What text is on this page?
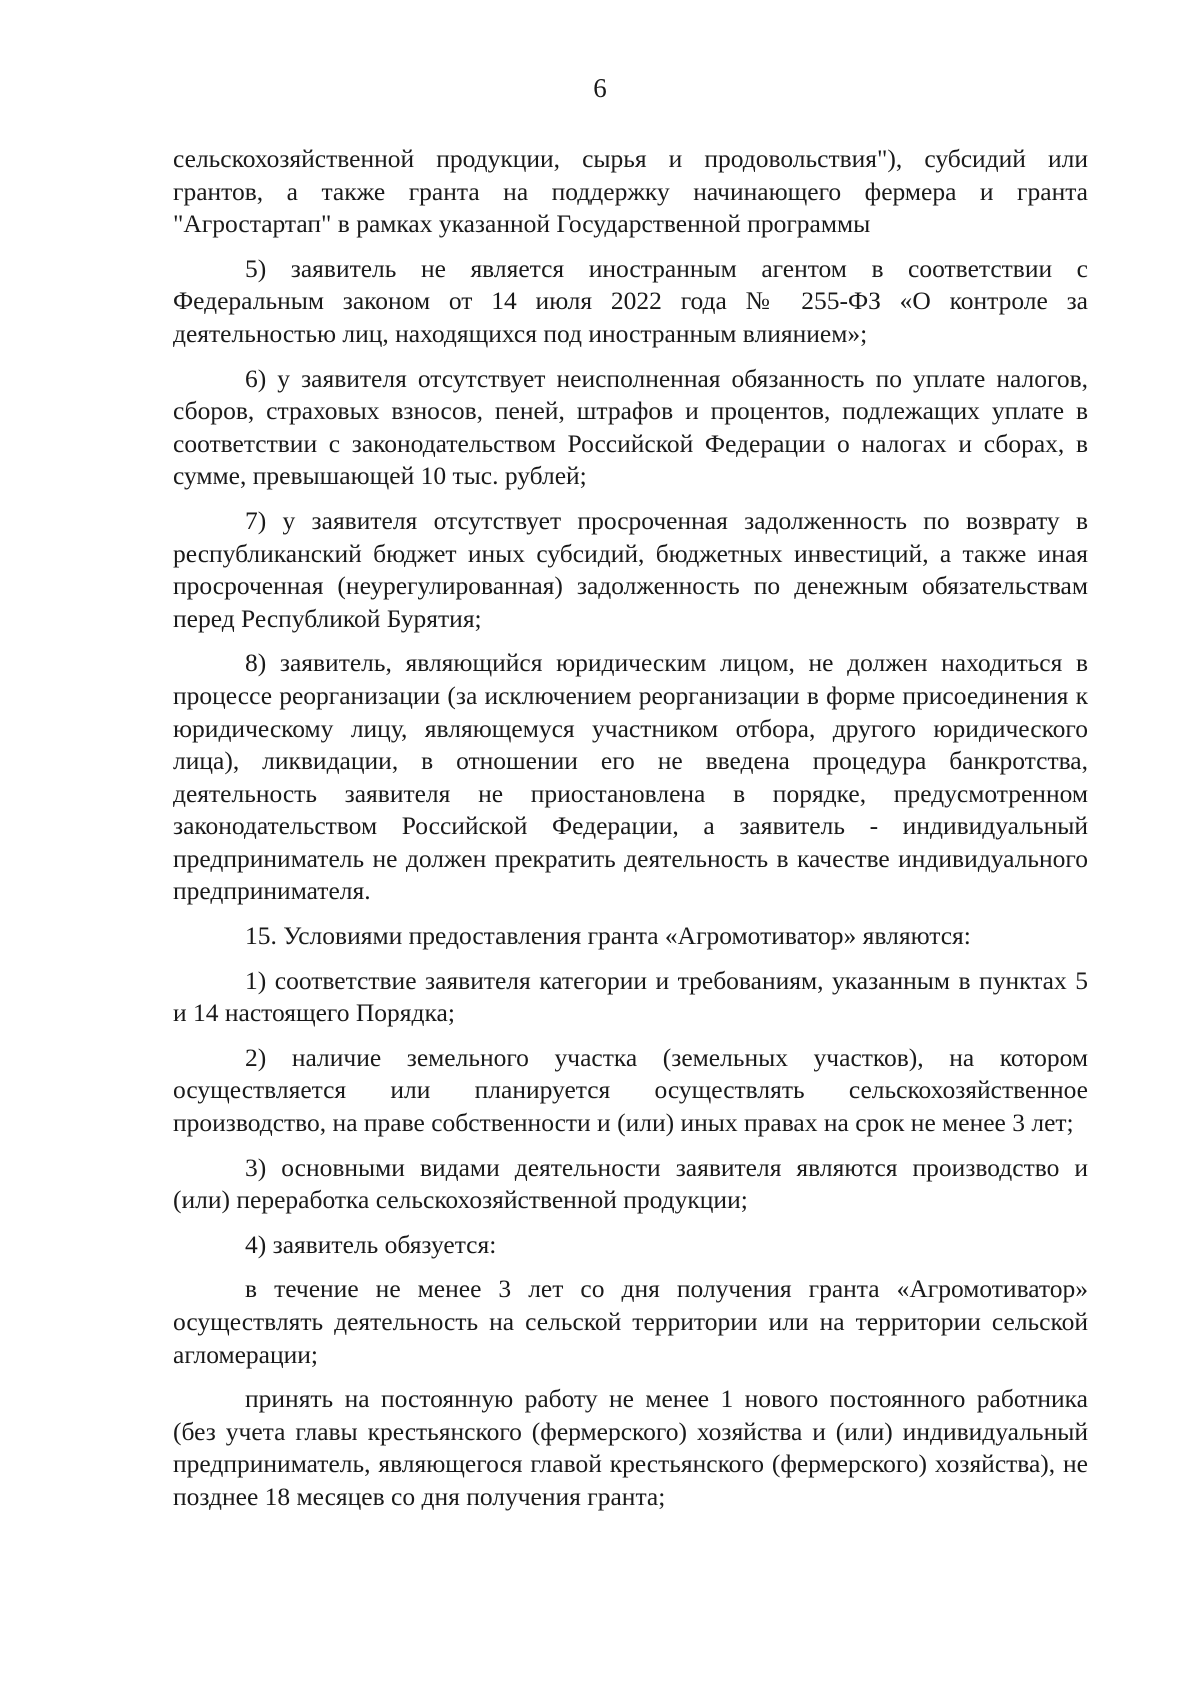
6

сельскохозяйственной продукции, сырья и продовольствия"), субсидий или грантов, а также гранта на поддержку начинающего фермера и гранта "Агростартап" в рамках указанной Государственной программы

5) заявитель не является иностранным агентом в соответствии с Федеральным законом от 14 июля 2022 года № 255-ФЗ «О контроле за деятельностью лиц, находящихся под иностранным влиянием»;

6) у заявителя отсутствует неисполненная обязанность по уплате налогов, сборов, страховых взносов, пеней, штрафов и процентов, подлежащих уплате в соответствии с законодательством Российской Федерации о налогах и сборах, в сумме, превышающей 10 тыс. рублей;

7) у заявителя отсутствует просроченная задолженность по возврату в республиканский бюджет иных субсидий, бюджетных инвестиций, а также иная просроченная (неурегулированная) задолженность по денежным обязательствам перед Республикой Бурятия;

8) заявитель, являющийся юридическим лицом, не должен находиться в процессе реорганизации (за исключением реорганизации в форме присоединения к юридическому лицу, являющемуся участником отбора, другого юридического лица), ликвидации, в отношении его не введена процедура банкротства, деятельность заявителя не приостановлена в порядке, предусмотренном законодательством Российской Федерации, а заявитель - индивидуальный предприниматель не должен прекратить деятельность в качестве индивидуального предпринимателя.

15. Условиями предоставления гранта «Агромотиватор» являются:

1) соответствие заявителя категории и требованиям, указанным в пунктах 5 и 14 настоящего Порядка;

2) наличие земельного участка (земельных участков), на котором осуществляется или планируется осуществлять сельскохозяйственное производство, на праве собственности и (или) иных правах на срок не менее 3 лет;

3) основными видами деятельности заявителя являются производство и (или) переработка сельскохозяйственной продукции;

4) заявитель обязуется:

в течение не менее 3 лет со дня получения гранта «Агромотиватор» осуществлять деятельность на сельской территории или на территории сельской агломерации;

принять на постоянную работу не менее 1 нового постоянного работника (без учета главы крестьянского (фермерского) хозяйства и (или) индивидуальный предприниматель, являющегося главой крестьянского (фермерского) хозяйства), не позднее 18 месяцев со дня получения гранта;
